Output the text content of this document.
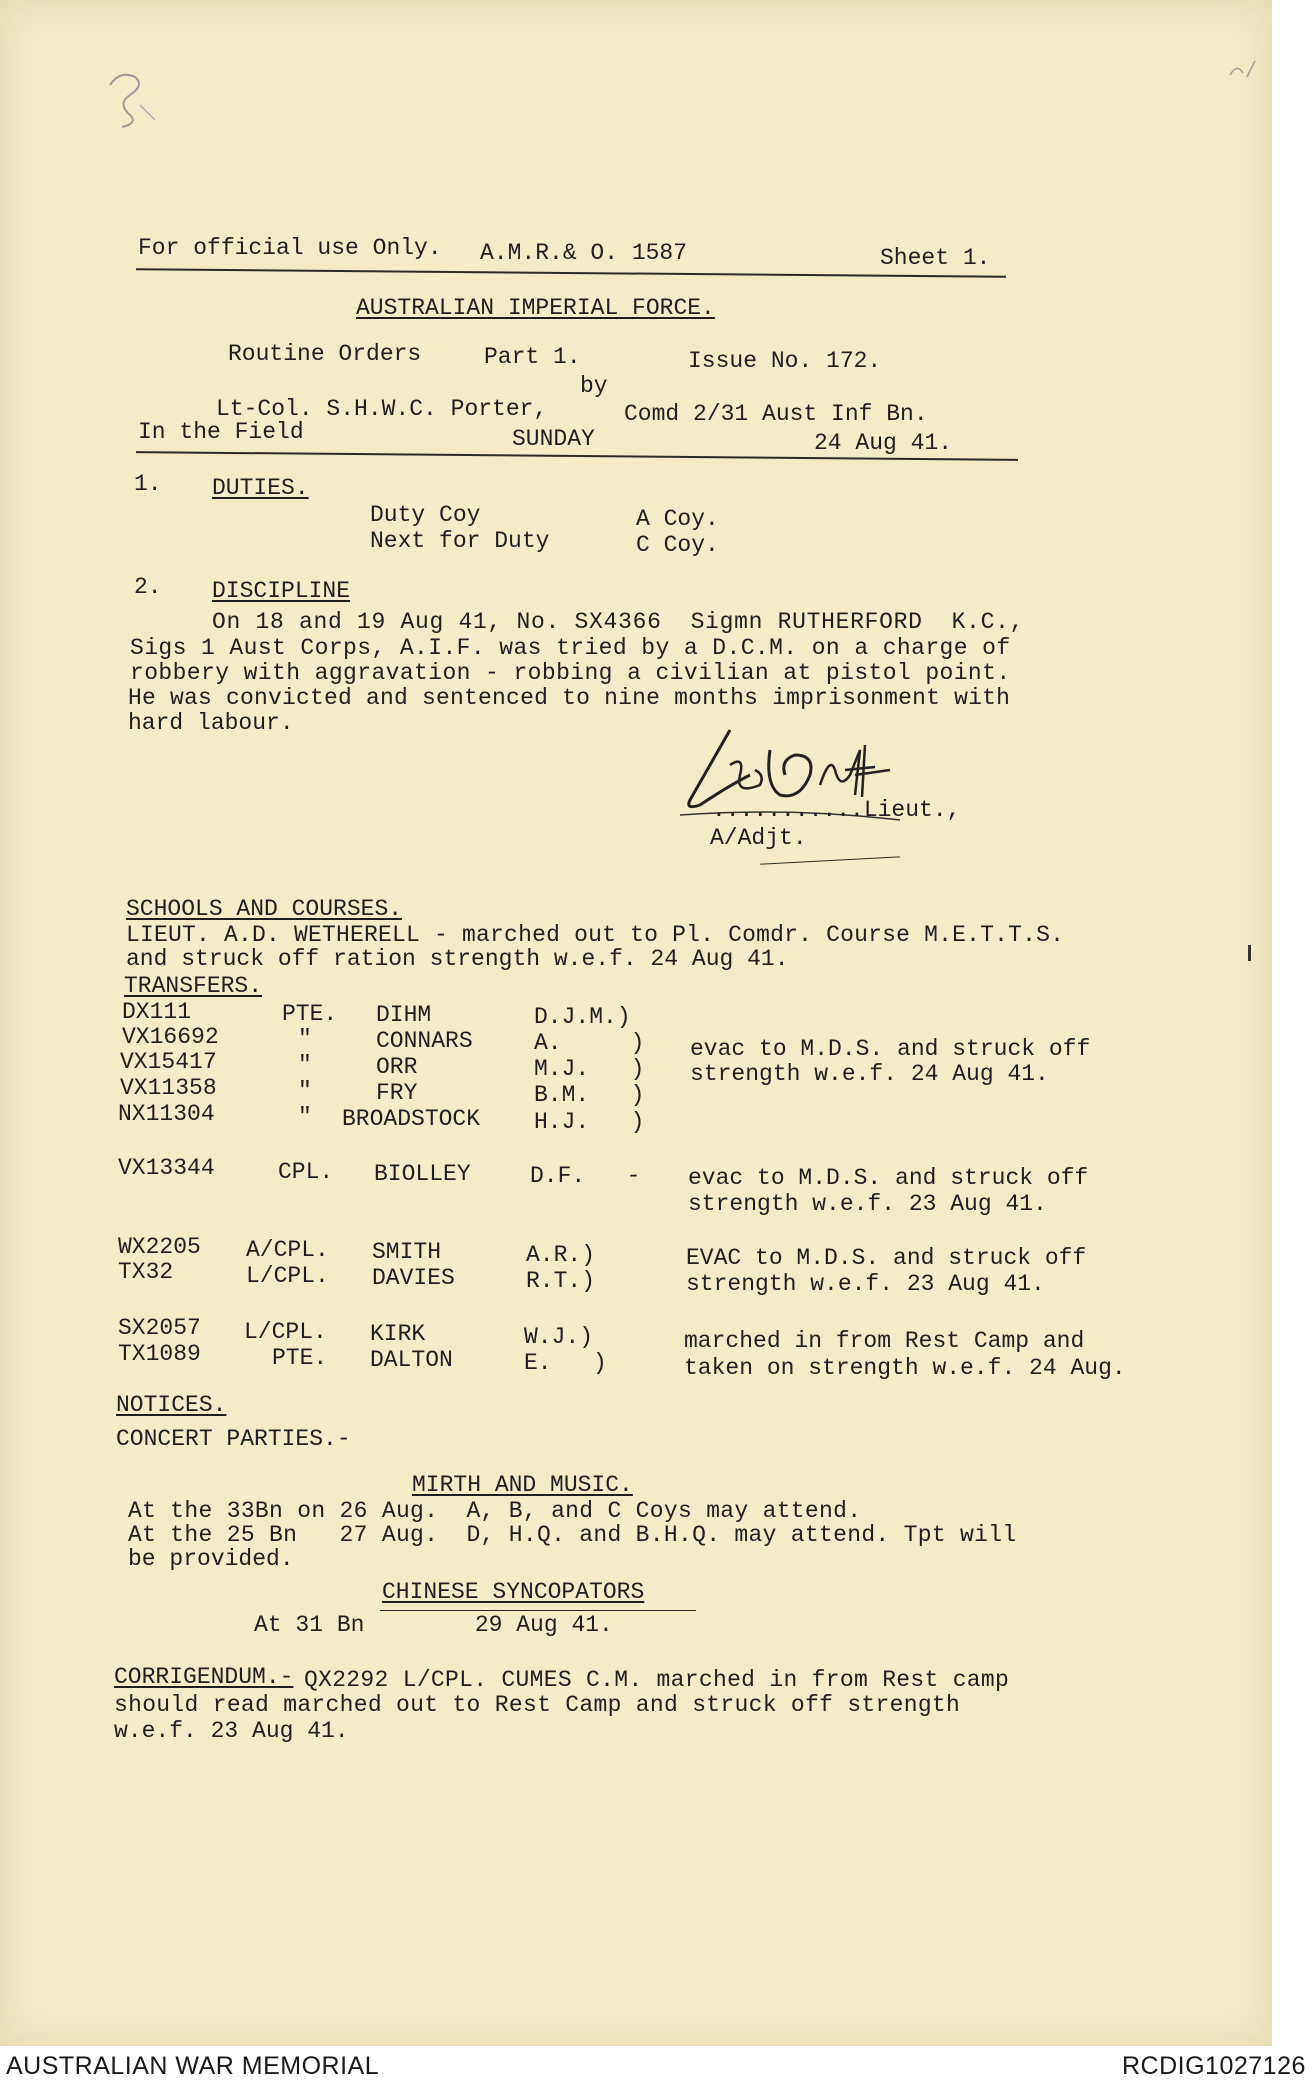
For official use Only. A.M.R.& O. 1587	Sheet 1.
AUSTRALIAN IMPERIAL FORCE.
Routine Orders	Part 1.	Issue No. 172.
by
Lt-Col. S.H.W.C. Porter,	Comd 2/31 Aust Inf Bn.
In the Field	SUNDAY	24 Aug 41.
1. DUTIES.
Duty Coy	A Coy.
Next for Duty	C Coy.
2. DISCIPLINE
On 18 and 19 Aug 41, No. SX4366  Sigmn RUTHERFORD  K.C.,
Sigs 1 Aust Corps, A.I.F. was tried by a D.C.M. on a charge of
robbery with aggravation - robbing a civilian at pistol point.
He was convicted and sentenced to nine months imprisonment with
hard labour.
...........Lieut.,
A/Adjt.
SCHOOLS AND COURSES.
LIEUT. A.D. WETHERELL - marched out to Pl. Comdr. Course M.E.T.T.S.
and struck off ration strength w.e.f. 24 Aug 41.
TRANSFERS.
DX111	PTE. DIHM	D.J.M.)
VX16692	"	CONNARS	A.     )
VX15417	"	ORR	M.J.   )
VX11358	"	FRY	B.M.   )
NX11304	" BROADSTOCK H.J.   )
evac to M.D.S. and struck off
strength w.e.f. 24 Aug 41.
VX13344	CPL. BIOLLEY	D.F.   - evac to M.D.S. and struck off
strength w.e.f. 23 Aug 41.
WX2205 A/CPL. SMITH	A.R.)
TX32	L/CPL. DAVIES	R.T.)
EVAC to M.D.S. and struck off
strength w.e.f. 23 Aug 41.
SX2057 L/CPL. KIRK	W.J.)
TX1089	PTE. DALTON	E.   )
marched in from Rest Camp and
taken on strength w.e.f. 24 Aug.
NOTICES.
CONCERT PARTIES.-
MIRTH AND MUSIC.
At the 33Bn on 26 Aug.  A, B, and C Coys may attend.
At the 25 Bn   27 Aug.  D, H.Q. and B.H.Q. may attend. Tpt will
be provided.
CHINESE SYNCOPATORS
At 31 Bn        29 Aug 41.
CORRIGENDUM.- QX2292 L/CPL. CUMES C.M. marched in from Rest camp
should read marched out to Rest Camp and struck off strength
w.e.f. 23 Aug 41.
AUSTRALIAN WAR MEMORIAL	RCDIG1027126
